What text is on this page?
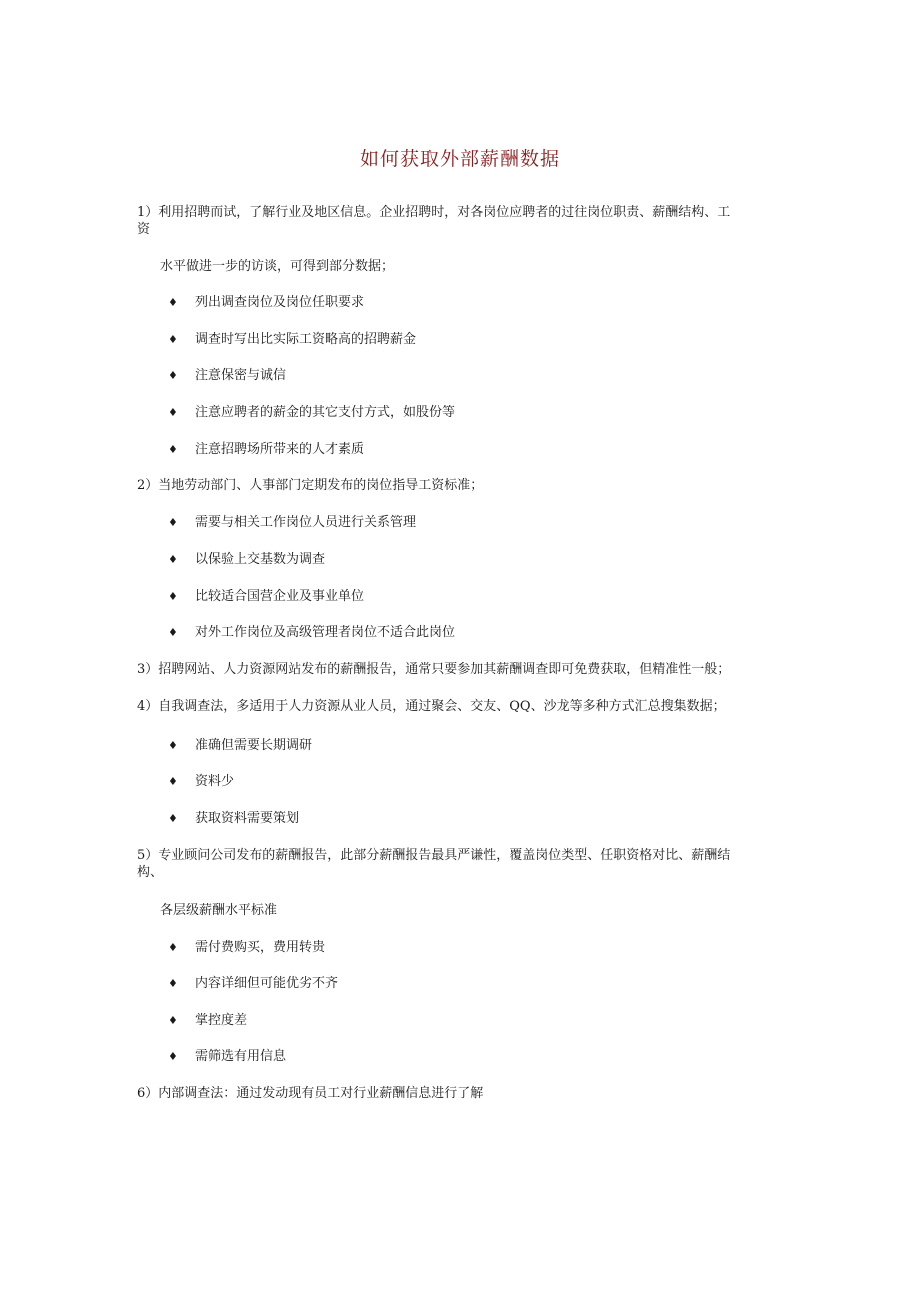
如何获取外部薪酬数据
1）利用招聘而试，了解行业及地区信息。企业招聘时，对各岗位应聘者的过往岗位职责、薪酬结构、工
资
水平做进一步的访谈，可得到部分数据；
♦ 列出调查岗位及岗位任职要求
♦ 调查时写出比实际工资略高的招聘薪金
♦ 注意保密与诚信
♦ 注意应聘者的薪金的其它支付方式，如股份等
♦ 注意招聘场所带来的人才素质
2）当地劳动部门、人事部门定期发布的岗位指导工资标准；
♦ 需要与相关工作岗位人员进行关系管理
♦ 以保验上交基数为调查
♦ 比较适合国营企业及事业单位
♦ 对外工作岗位及高级管理者岗位不适合此岗位
3）招聘网站、人力资源网站发布的薪酬报告，通常只要参加其薪酬调查即可免费获取，但精准性一般；
4）自我调查法，多适用于人力资源从业人员，通过聚会、交友、QQ、沙龙等多种方式汇总搜集数据；
♦ 准确但需要长期调研
♦ 资料少
♦ 获取资料需要策划
5）专业顾问公司发布的薪酬报告，此部分薪酬报告最具严谦性，覆盖岗位类型、任职资格对比、薪酬结
构、
各层级薪酬水平标准
♦ 需付费购买，费用转贵
♦ 内容详细但可能优劣不齐
♦ 掌控度差
♦ 需筛选有用信息
6）内部调查法：通过发动现有员工对行业薪酬信息进行了解
